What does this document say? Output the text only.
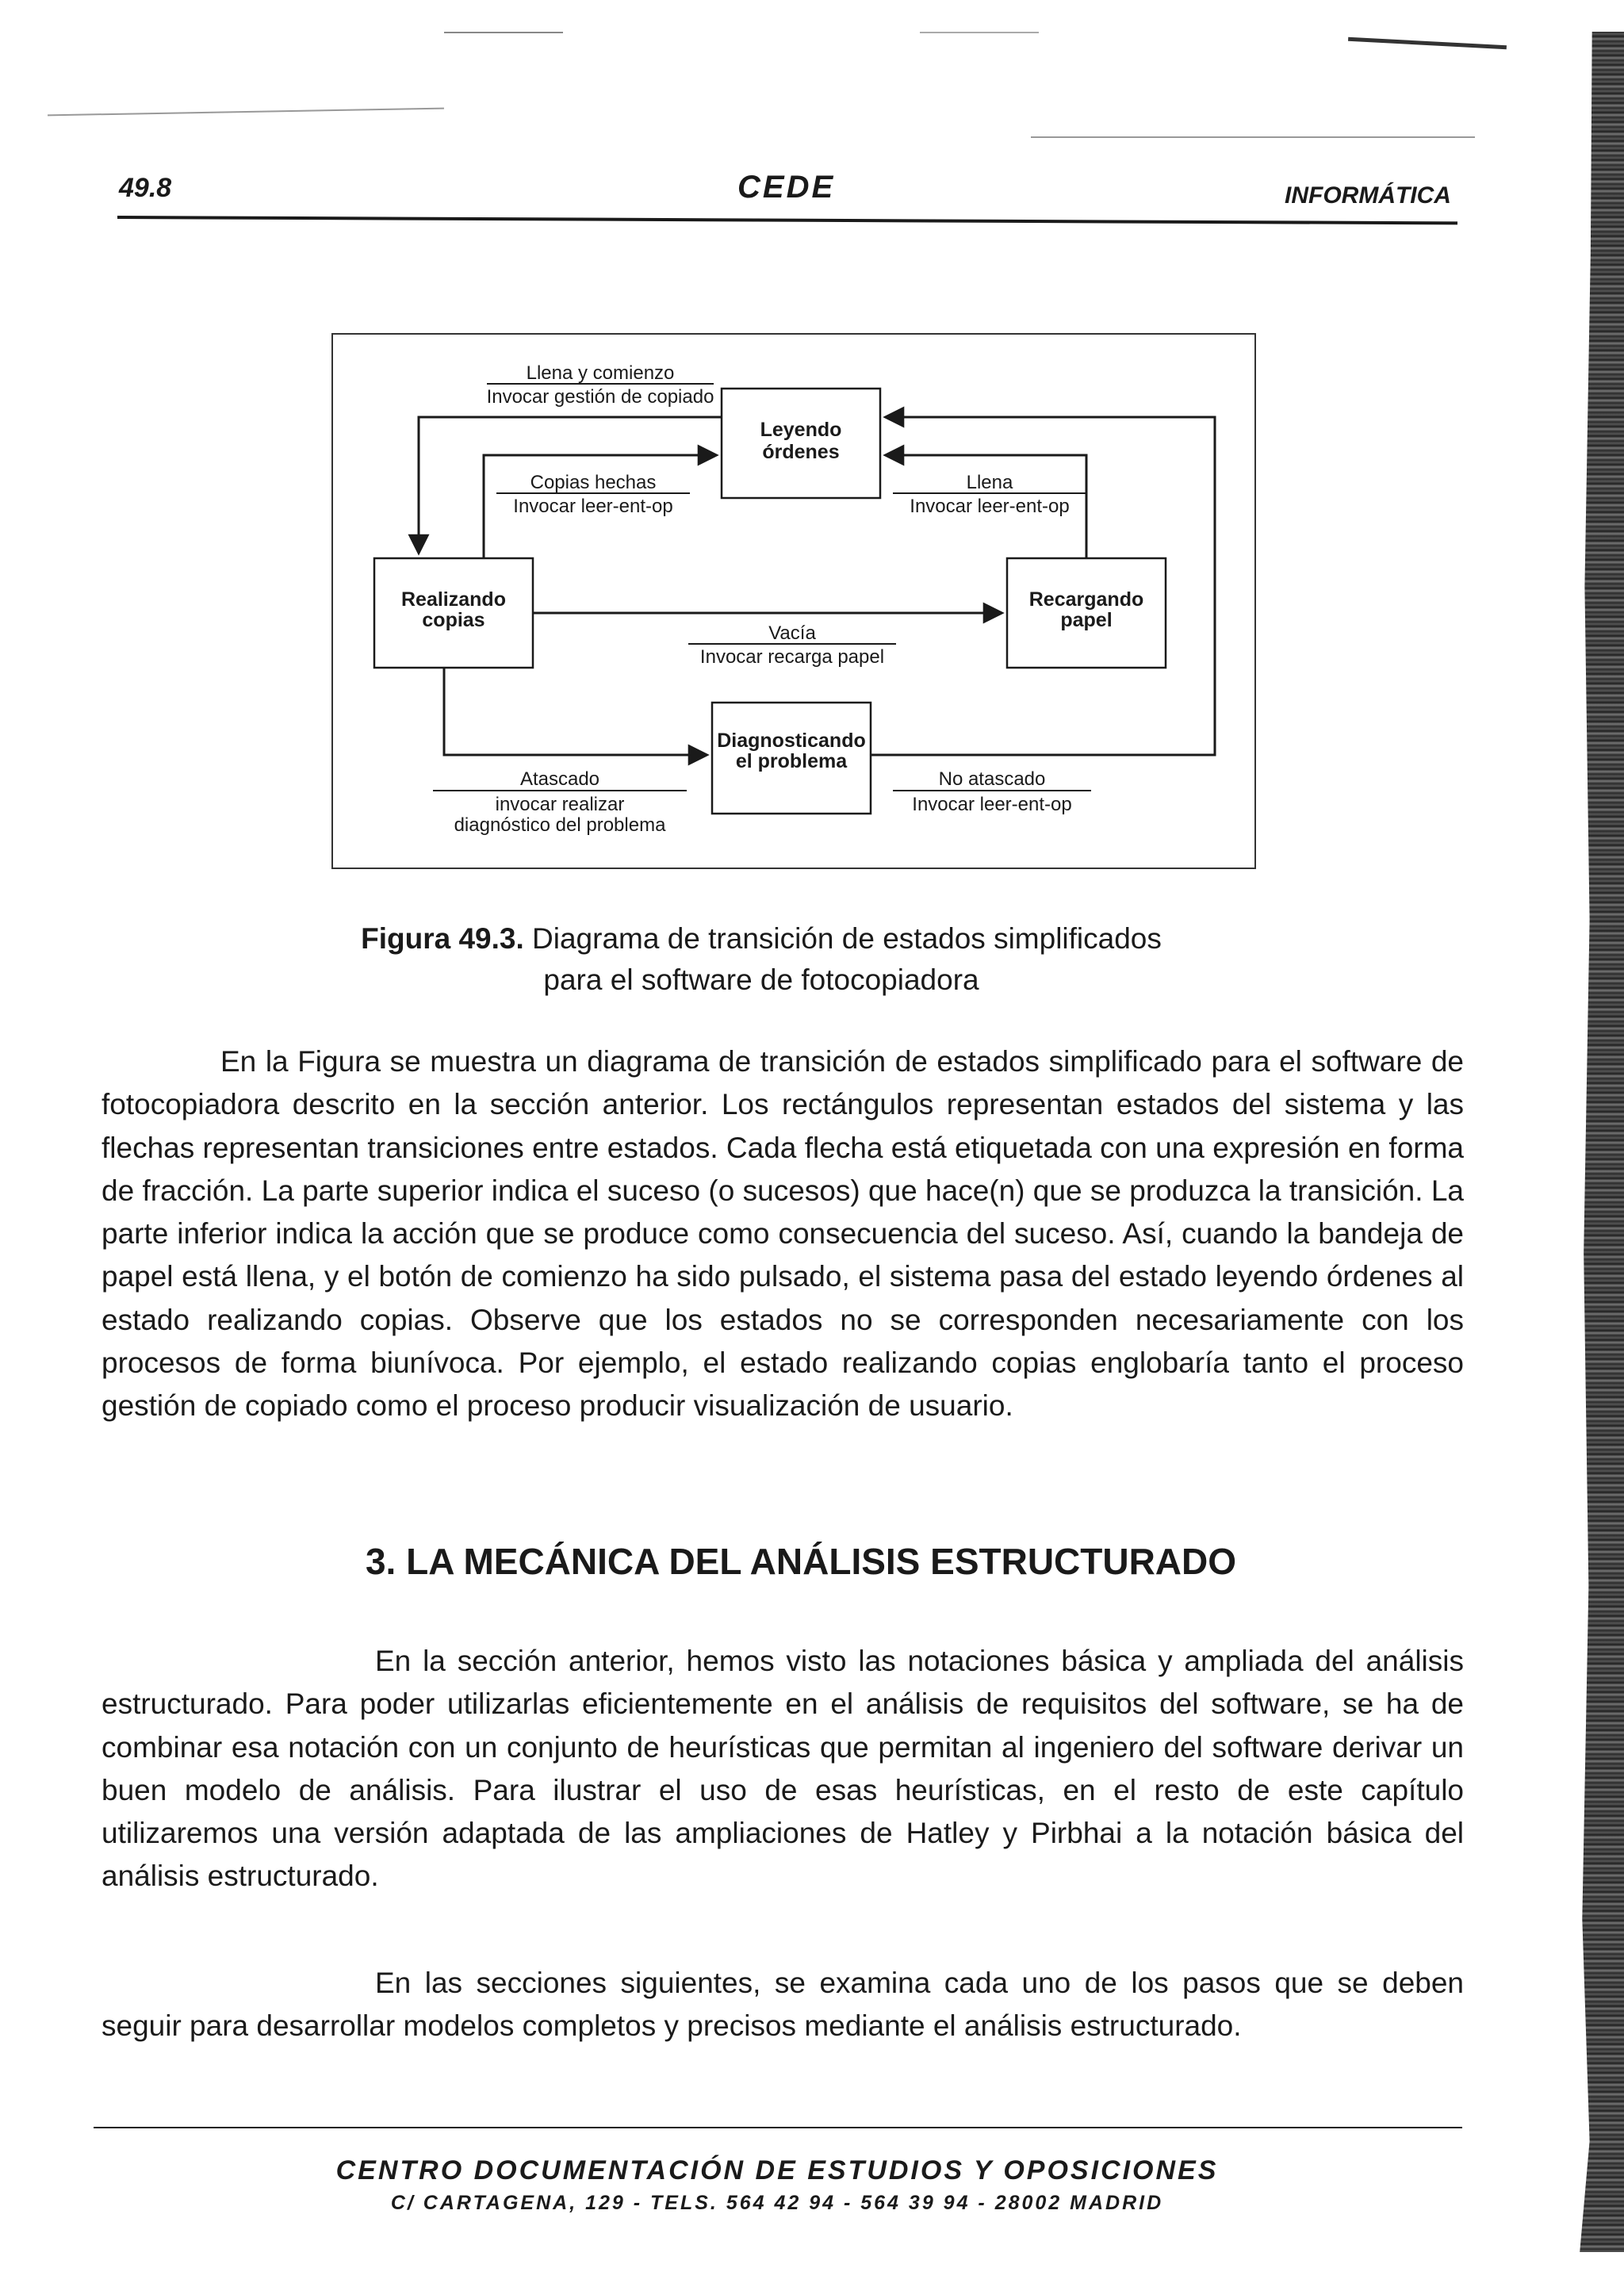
49.8	CEDE	INFORMÁTICA
Leyendo
órdenes
Realizando
copias
Recargando
papel
Diagnosticando
el problema
Llena y comienzo
Invocar gestión de copiado
Copias hechas
Invocar leer-ent-op
Llena
Invocar leer-ent-op
Vacía
Invocar recarga papel
Atascado
invocar realizar
diagnóstico del problema
No atascado
Invocar leer-ent-op
Figura 49.3. Diagrama de transición de estados simplificados
para el software de fotocopiadora
En la Figura se muestra un diagrama de transición de estados simplificado para el software de fotocopiadora descrito en la sección anterior. Los rectángulos representan estados del sistema y las flechas representan transiciones entre estados. Cada flecha está etiquetada con una expresión en forma de fracción. La parte superior indica el suceso (o sucesos) que hace(n) que se produzca la transición. La parte inferior indica la acción que se produce como consecuencia del suceso. Así, cuando la bandeja de papel está llena, y el botón de comienzo ha sido pulsado, el sistema pasa del estado leyendo órdenes al estado realizando copias. Observe que los estados no se corresponden necesariamente con los procesos de forma biunívoca. Por ejemplo, el estado realizando copias englobaría tanto el proceso gestión de copiado como el proceso producir visualización de usuario.
3. LA MECÁNICA DEL ANÁLISIS ESTRUCTURADO
En la sección anterior, hemos visto las notaciones básica y ampliada del análisis estructurado. Para poder utilizarlas eficientemente en el análisis de requisitos del software, se ha de combinar esa notación con un conjunto de heurísticas que permitan al ingeniero del software derivar un buen modelo de análisis. Para ilustrar el uso de esas heurísticas, en el resto de este capítulo utilizaremos una versión adaptada de las ampliaciones de Hatley y Pirbhai a la notación básica del análisis estructurado.
En las secciones siguientes, se examina cada uno de los pasos que se deben seguir para desarrollar modelos completos y precisos mediante el análisis estructurado.
CENTRO DOCUMENTACIÓN DE ESTUDIOS Y OPOSICIONES
C/ CARTAGENA, 129 - TELS. 564 42 94 - 564 39 94 - 28002 MADRID
